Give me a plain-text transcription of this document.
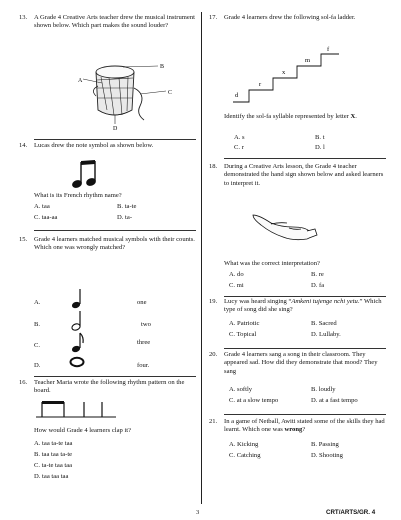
13. A Grade 4 Creative Arts teacher drew the musical instrument shown below. Which part makes the sound louder?
A
B
C
D
14. Lucas drew the note symbol as shown below.
What is its French rhythm name?
A. taa	B. ta-te
C. taa-aa	D. ta-
15. Grade 4 learners matched musical symbols with their counts. Which one was wrongly matched?
A.	one
B.	two
C.	three
D.	four.
16. Teacher Maria wrote the following rhythm pattern on the board.
How would Grade 4 learners clap it?
A. taa ta-te taa
B. taa taa ta-te
C. ta-te taa taa
D. taa taa taa
17. Grade 4 learners drew the following sol-fa ladder.
d
r
x
m
f
Identify the sol-fa syllable represented by letter X.
A. s	B. t
C. r	D. l
18. During a Creative Arts lesson, the Grade 4 teacher demonstrated the hand sign shown below and asked learners to interpret it.
What was the correct interpretation?
A. do	B. re
C. mi	D. fa
19. Lucy was heard singing “Amkeni tujenge nchi yetu.” Which type of song did she sing?
A. Patriotic	B. Sacred
C. Topical	D. Lullaby.
20. Grade 4 learners sang a song in their classroom. They appeared sad. How did they demonstrate that mood? They sang
A. softly	B. loudly
C. at a slow tempo	D. at a fast tempo
21. In a game of Netball, Awiti stated some of the skills they had learnt. Which one was wrong?
A. Kicking	B. Passing
C. Catching	D. Shooting
3	CRT/ARTS/GR. 4
